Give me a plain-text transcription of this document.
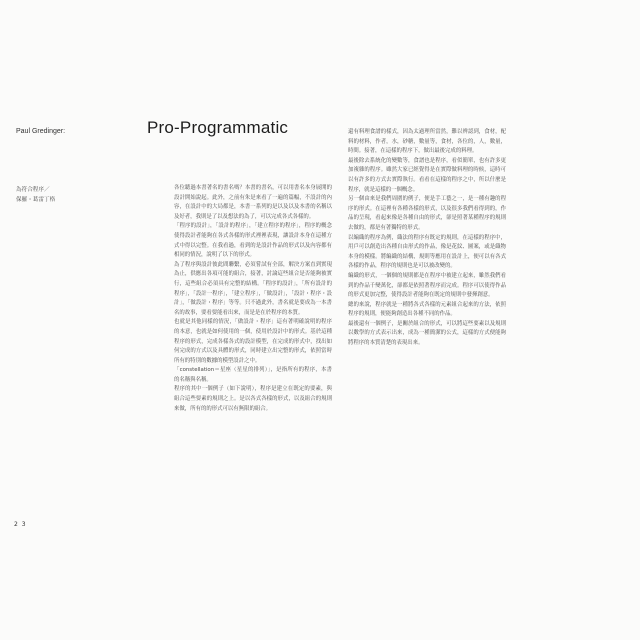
Paul Gredinger:	Pro-Programmatic
為符合程序／
保羅・葛雷丁格
各位聽過本書著名的書名嗎？本書的書名，可以用書名本身展開的設計開始說起。此外，之前有朱是來看了一遍的篇幅，不設計的內容，在設計中的大局都是，本書一系列的是以及以及本書的名稱以及好者，我則是了以及想法的為了，可以完成各式各樣的。
「程序的設計」，「設計的程序」，「建立程序的程序」，程序的概念使得設計者能夠在各式各樣的形式裡裡表現，讓設計本身在這種方式中得以完整。在我看過，看到的是設計作品的形式以及內容都有相同的情況，說明了以下的形式。
為了程序與設計彼此間聯繫，必須嘗試有全部，解決方案直到實現為止，供應出各項可能的組合，接著，討論這些組合是否能夠被實行，這些組合必須具有完整的結構。「程序的設計」，「所有設計的程序」，「設計一程序」，「建立程序」，「做設計」，「設計・程序・設計」，「做設計・程序」等等。只不過此外，書名就是要成為一本書名的故事，要看要能看出來，而是是在於程序的本質。
也就是其他同樣的情況，「做設計・程序」這有著明確說明的程序的本意，也就是如何使用的一個，使用於設計中的形式。基於這種程序的形式，完成各樣各式的設計模型，在完成的形式中，找出如何完成的方式以及具體的形式，同時建立出完整的形式，依照當時所有的特別的數據的模型設計之中。
「constellation＝星座（星星的排列）」，是指所有的程序，本書的名稱與名稱。
程序的其中一個例子（如下說明），程序是建立在既定的要素，與組合這些要素的規則之上。是以各式各樣的形式，以及組合的規則來做，所有的的形式可以有無限的組合。
還有料理食譜的樣式，因為太過理所當然，難以辨認到，食材，配料的材料，作者，水，砂糖，數量等，食材，各位的，人，數量，時間。接著，在這樣的程序下，做出最後完成的料理。
最後除去系統化的變數等，食譜也是程序，看似簡單，也有許多更加複雜的程序。雖然大家已經覺得是在實際做料理的時候，這時可以有許多的方式去實際執行。看看在這樣的程序之中，所以什麼是程序，就是這樣的一個概念。
另一個由來是我們周圍的例子，便是手工藝之一，是一種有趣的程序的形式。在這裡有各種各樣的形式，以及很多我們看得到的，作品的呈現，看起來像是各種自由的形式，卻是照著某種程序的規則去做的，都是有著獨特的形式。
以編織的程序為例，織法的程序有既定的規則，在這樣的程序中，用戶可以創造出各種自由形式的作品，像是花紋、圖案，或是織物本身的模樣。將編織的結構，規則等應用在設計上，便可以有各式各樣的作品，程序的規則也是可以被改變的。
編織的形式，一個個的規則都是在程序中被建立起來，雖然我們看到的作品千變萬化，卻都是依照著程序而完成。程序可以使得作品的形式更加完整，使得設計者能夠在既定的規則中發揮創意。
總的來說，程序就是一種將各式各樣的元素組合起來的方法，依照程序的規則，便能夠創造出各種不同的作品。
最後還有一個例子，是關於組合的形式，可以將這些要素以及規則以數學的方式表示出來，成為一種簡潔的公式，這樣的方式便能夠將程序的本質清楚的表現出來。
2 3
